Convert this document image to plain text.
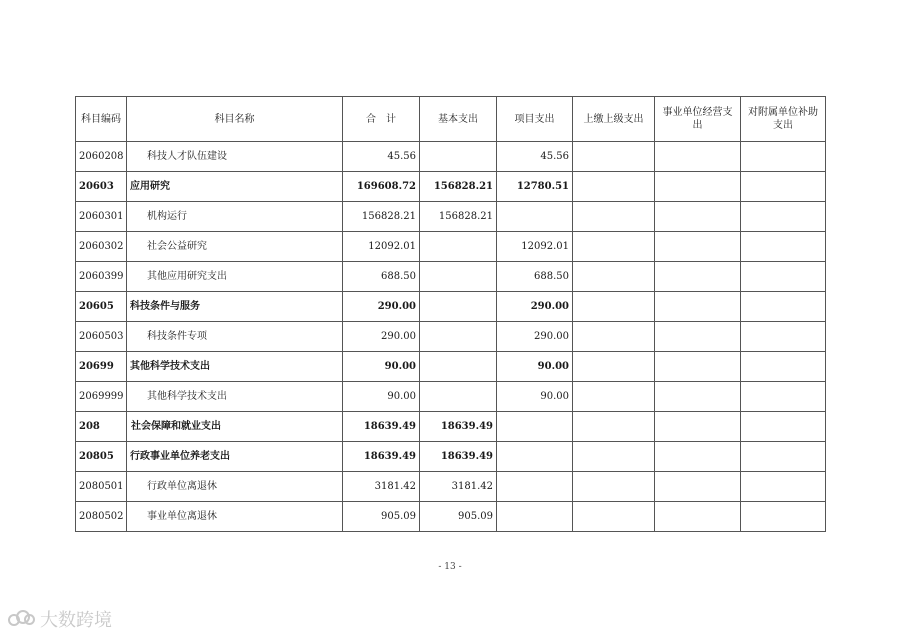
科目编码	科目名称	合　计	基本支出	项目支出	上缴上级支出	事业单位经营支出	对附属单位补助支出
2060208	科技人才队伍建设	45.56		45.56			
20603	应用研究	169608.72	156828.21	12780.51			
2060301	机构运行	156828.21	156828.21				
2060302	社会公益研究	12092.01		12092.01			
2060399	其他应用研究支出	688.50		688.50			
20605	科技条件与服务	290.00		290.00			
2060503	科技条件专项	290.00		290.00			
20699	其他科学技术支出	90.00		90.00			
2069999	其他科学技术支出	90.00		90.00			
208	社会保障和就业支出	18639.49	18639.49				
20805	行政事业单位养老支出	18639.49	18639.49				
2080501	行政单位离退休	3181.42	3181.42				
2080502	事业单位离退休	905.09	905.09				
- 13 -
大数跨境
